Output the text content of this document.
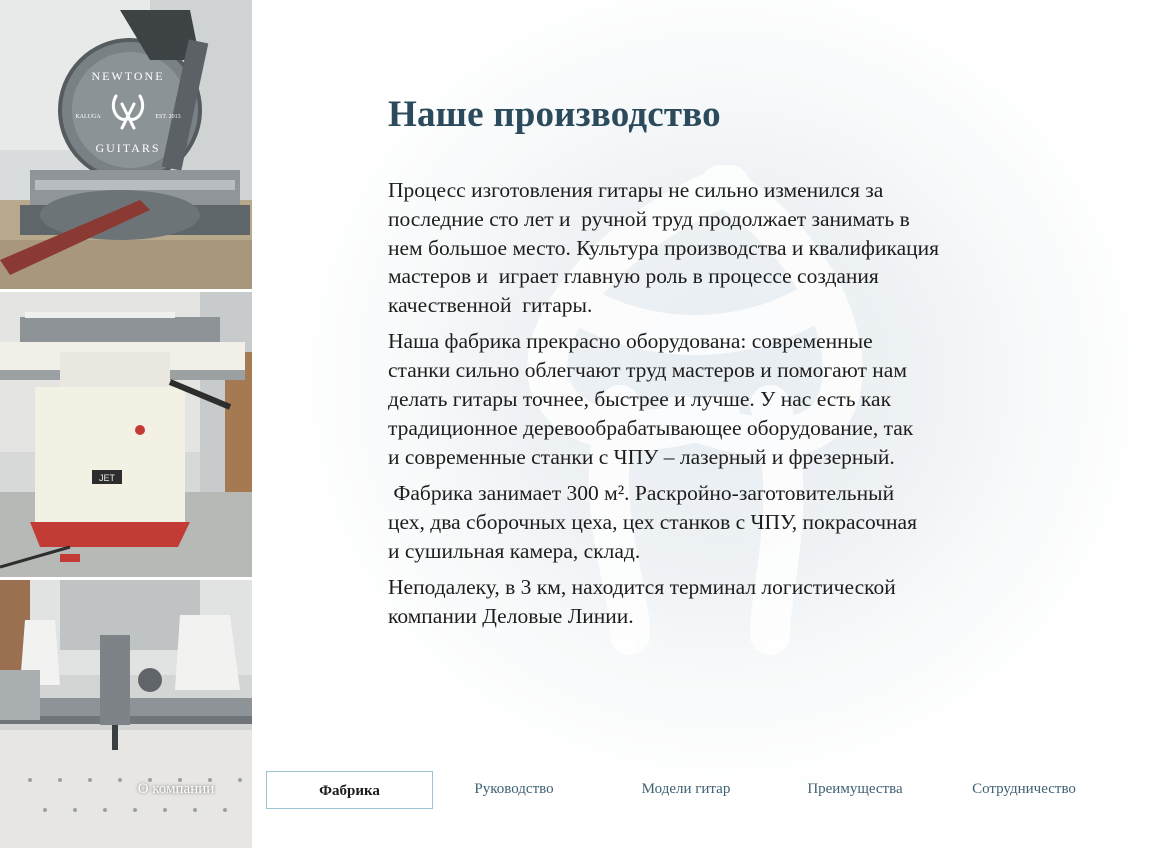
NEWTONE
GUITARS
KALUGA	EST. 2013
JET
Наше производство

Процесс изготовления гитары не сильно изменился за
последние сто лет и  ручной труд продолжает занимать в
нем большое место. Культура производства и квалификация
мастеров и  играет главную роль в процессе создания
качественной  гитары.

Наша фабрика прекрасно оборудована: современные
станки сильно облегчают труд мастеров и помогают нам
делать гитары точнее, быстрее и лучше. У нас есть как
традиционное деревообрабатывающее оборудование, так
и современные станки с ЧПУ – лазерный и фрезерный.

Фабрика занимает 300 м². Раскройно-заготовительный
цех, два сборочных цеха, цех станков с ЧПУ, покрасочная
и сушильная камера, склад.

Неподалеку, в 3 км, находится терминал логистической
компании Деловые Линии.

О компании	Фабрика	Руководство	Модели гитар	Преимущества	Сотрудничество
